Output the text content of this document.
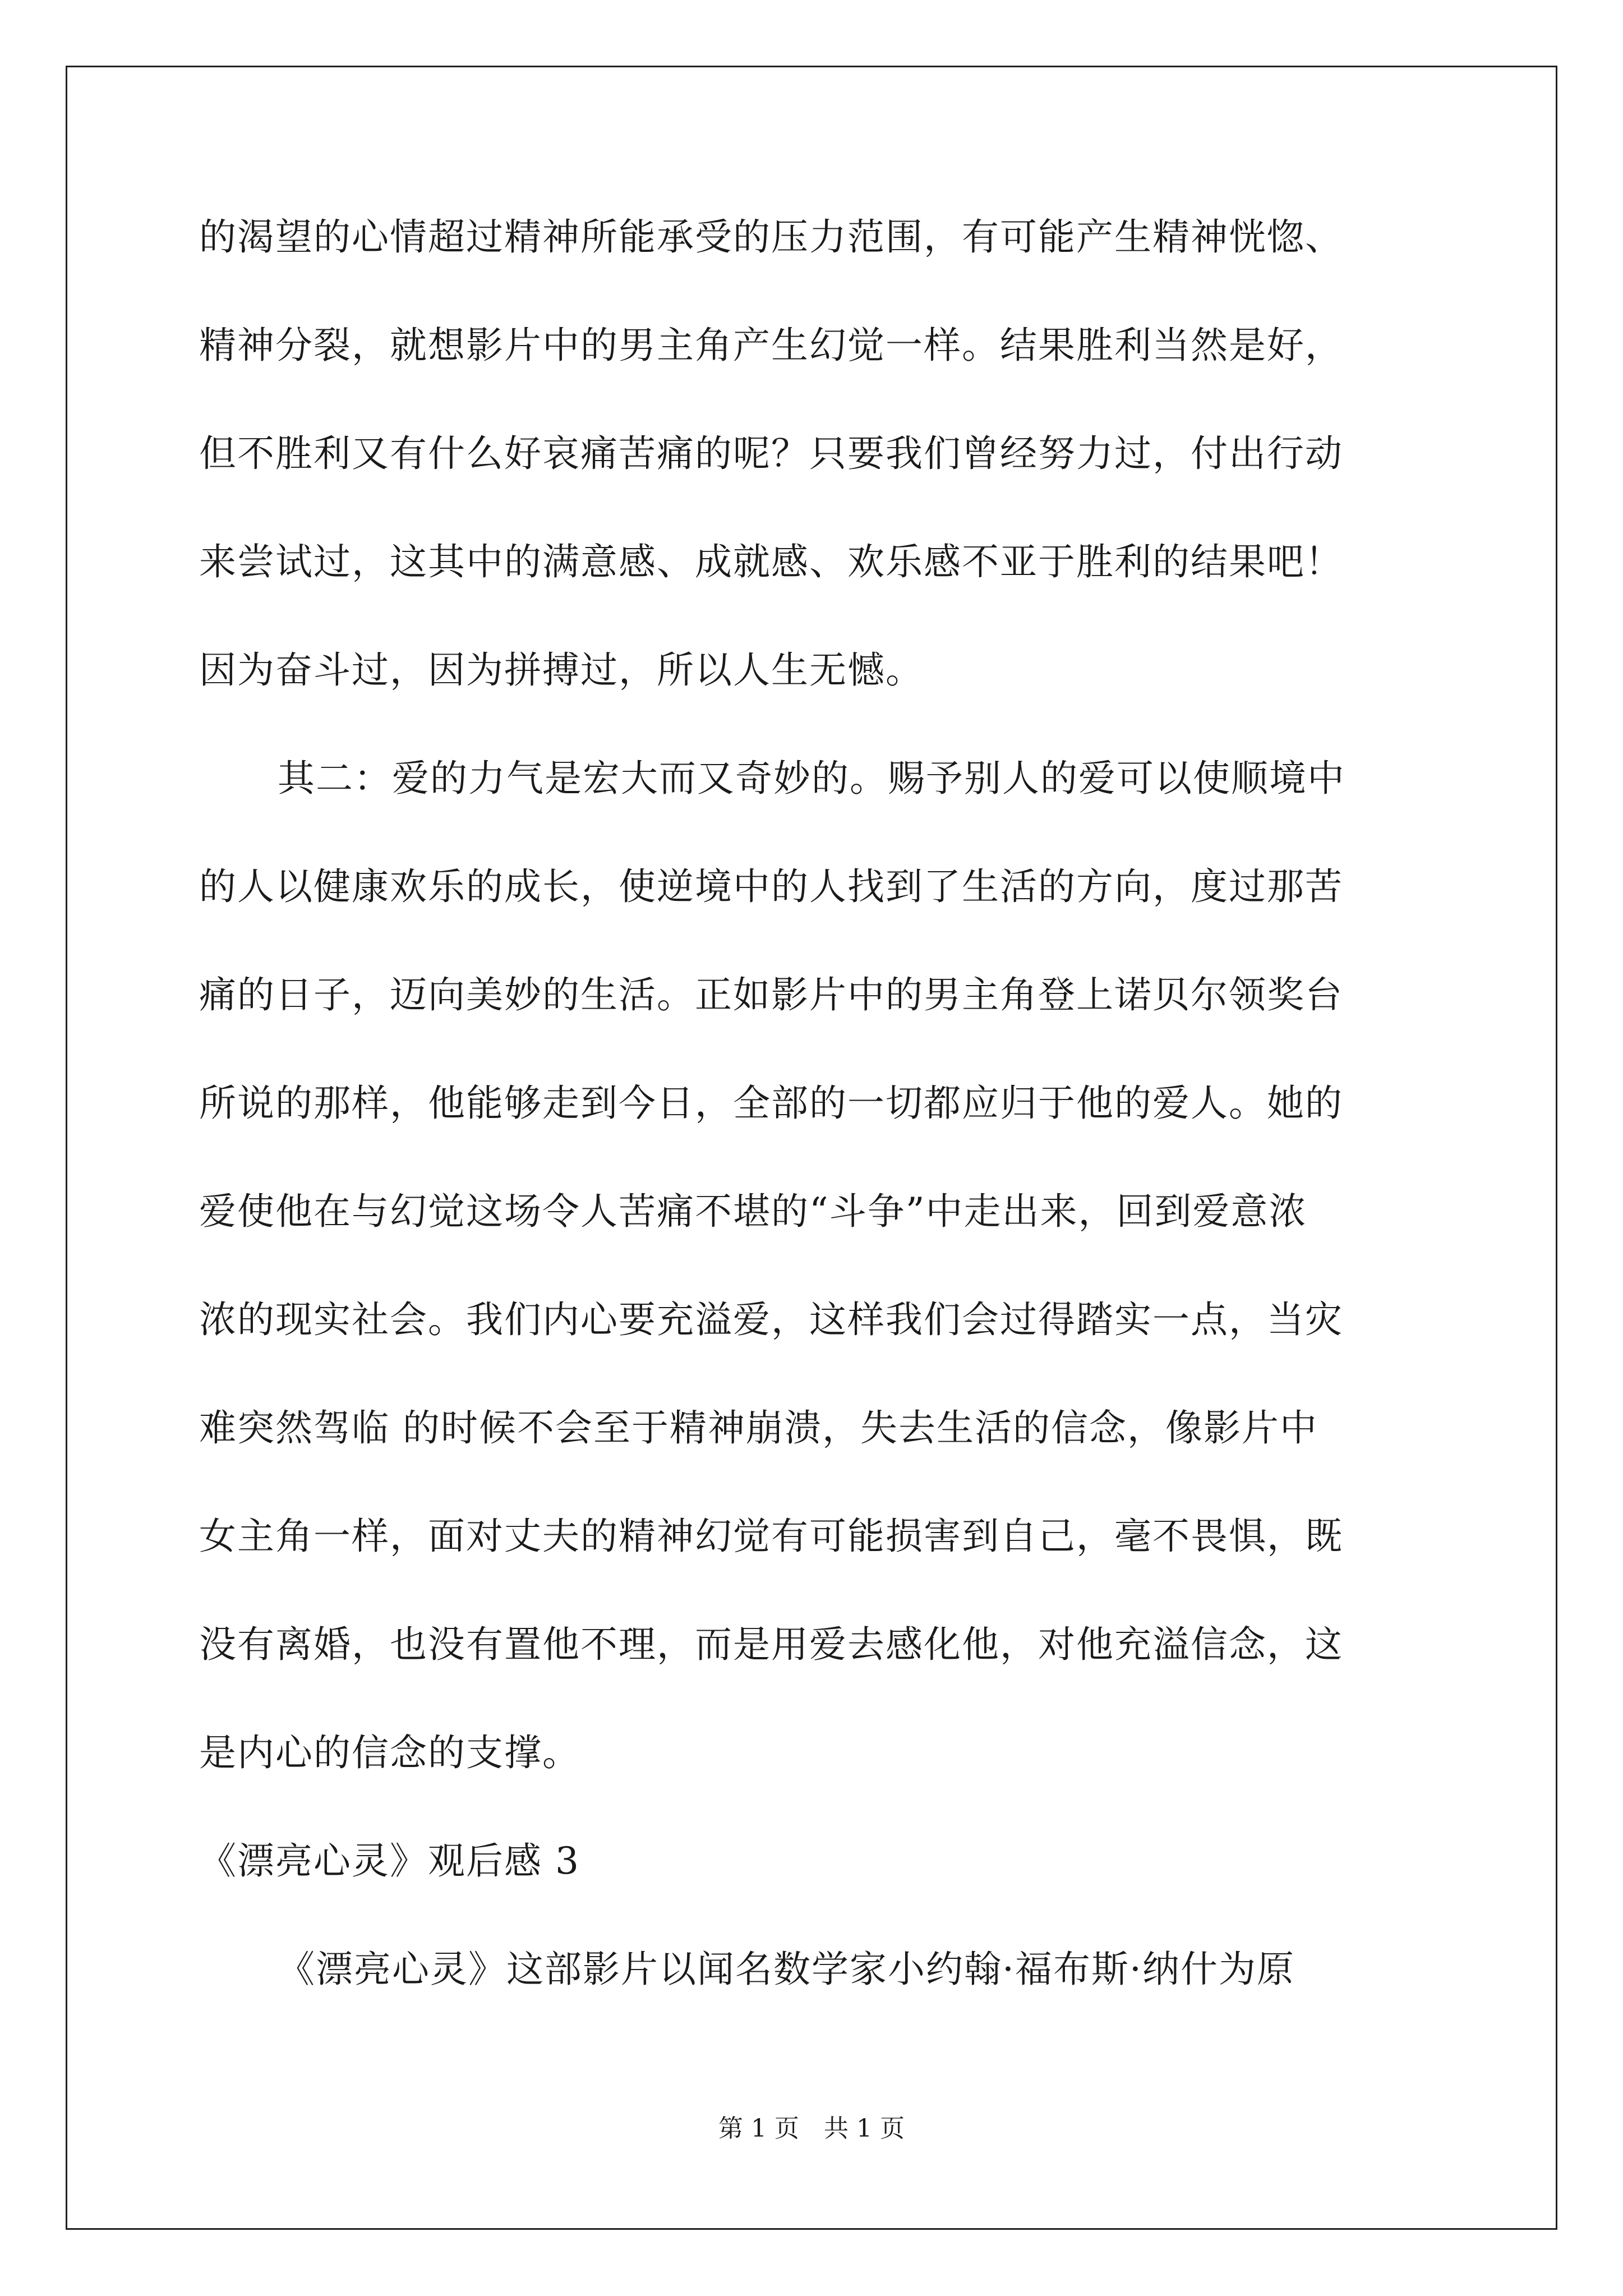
的渴望的心情超过精神所能承受的压力范围，有可能产生精神恍惚、
精神分裂，就想影片中的男主角产生幻觉一样。结果胜利当然是好，
但不胜利又有什么好哀痛苦痛的呢？只要我们曾经努力过，付出行动
来尝试过，这其中的满意感、成就感、欢乐感不亚于胜利的结果吧！
因为奋斗过，因为拼搏过，所以人生无憾。
其二：爱的力气是宏大而又奇妙的。赐予别人的爱可以使顺境中
的人以健康欢乐的成长，使逆境中的人找到了生活的方向，度过那苦
痛的日子，迈向美妙的生活。正如影片中的男主角登上诺贝尔领奖台
所说的那样，他能够走到今日，全部的一切都应归于他的爱人。她的
爱使他在与幻觉这场令人苦痛不堪的“斗争”中走出来，回到爱意浓
浓的现实社会。我们内心要充溢爱，这样我们会过得踏实一点，当灾
难突然驾临 的时候不会至于精神崩溃，失去生活的信念，像影片中
女主角一样，面对丈夫的精神幻觉有可能损害到自己，毫不畏惧，既
没有离婚，也没有置他不理，而是用爱去感化他，对他充溢信念，这
是内心的信念的支撑。
《漂亮心灵》观后感 3
《漂亮心灵》这部影片以闻名数学家小约翰·福布斯·纳什为原
第 1 页　共 1 页
